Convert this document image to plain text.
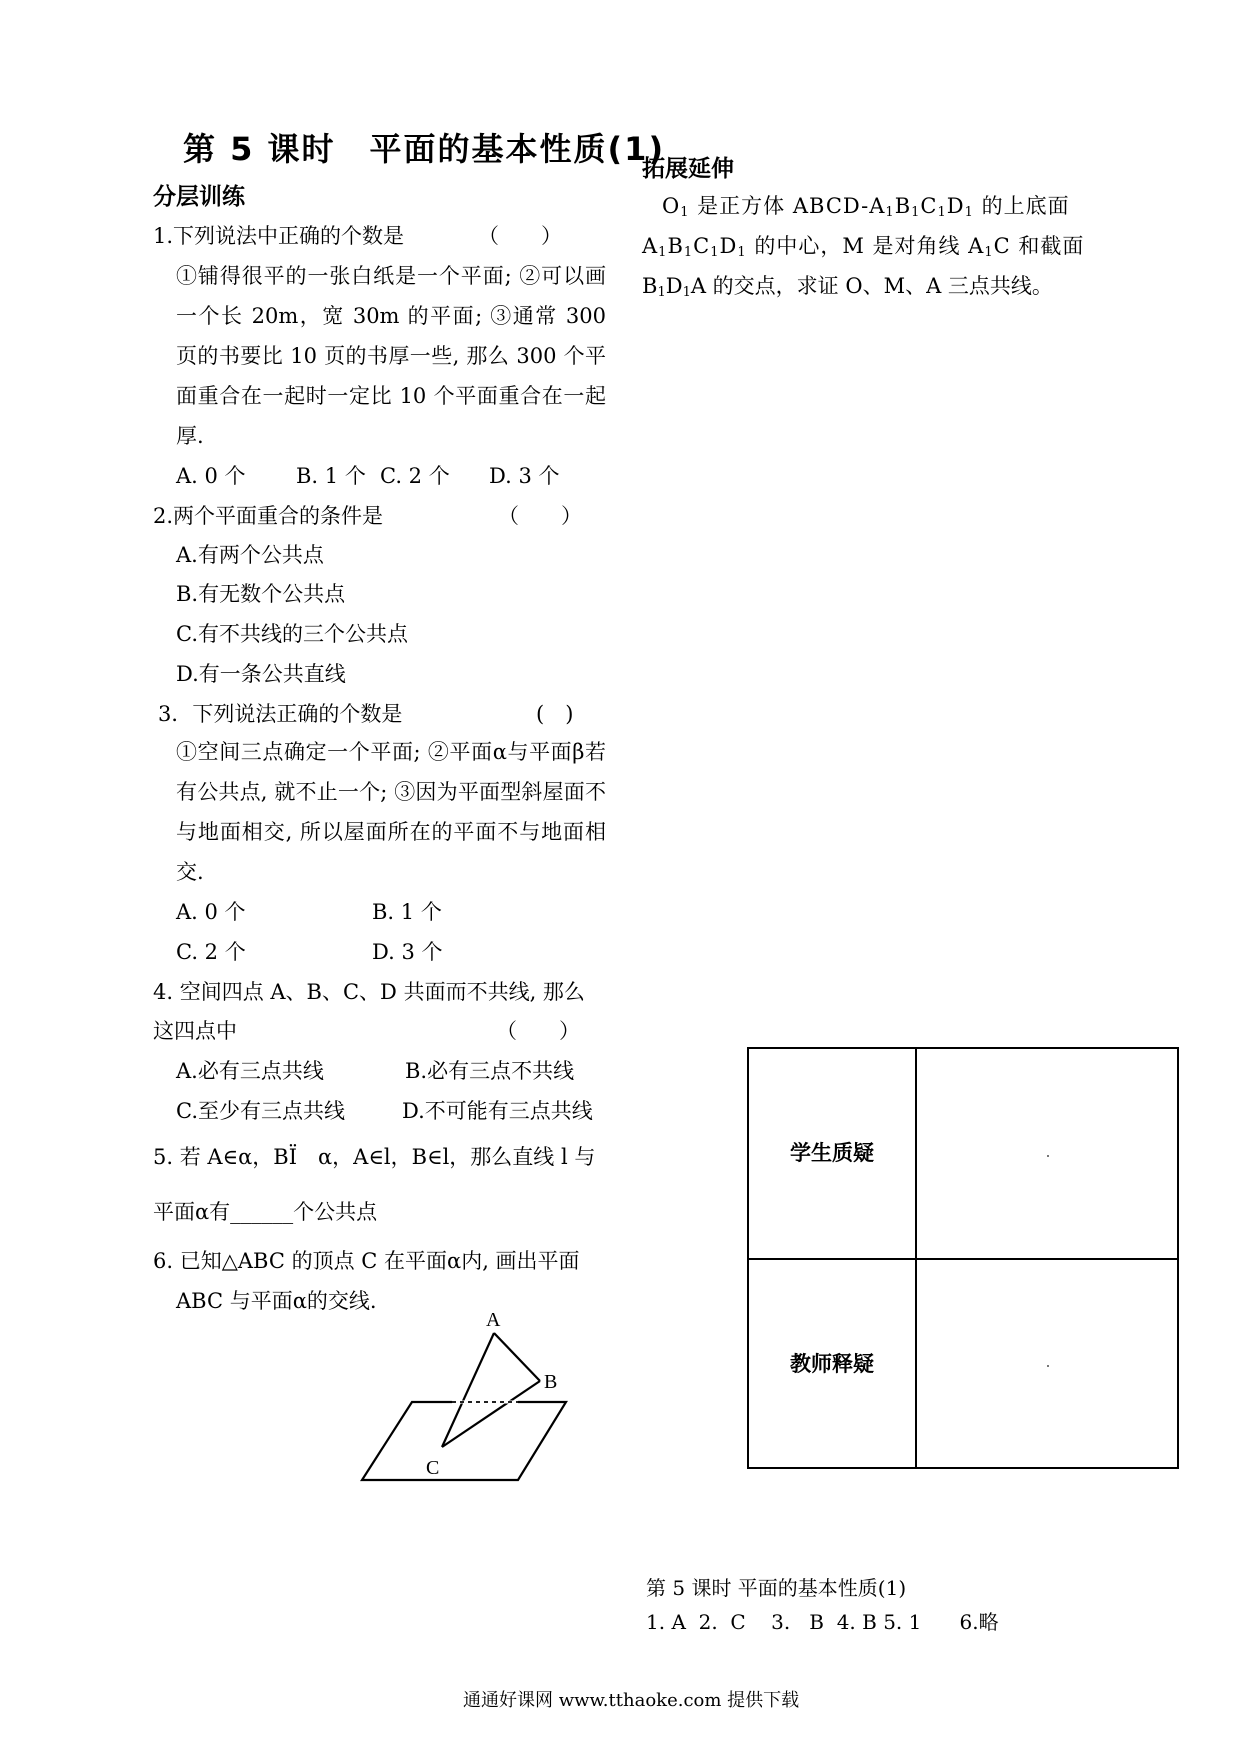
第 5 课时　平面的基本性质(1)
分层训练
1.下列说法中正确的个数是	（　　）
①铺得很平的一张白纸是一个平面; ②可以画一个长 20m，宽 30m 的平面; ③通常 300 页的书要比 10 页的书厚一些, 那么 300 个平面重合在一起时一定比 10 个平面重合在一起厚.
A. 0 个 B. 1 个 C. 2 个 D. 3 个
2.两个平面重合的条件是	（　　）
A.有两个公共点
B.有无数个公共点
C.有不共线的三个公共点
D.有一条公共直线
3．下列说法正确的个数是	(　)
①空间三点确定一个平面; ②平面α与平面β若有公共点, 就不止一个; ③因为平面型斜屋面不与地面相交, 所以屋面所在的平面不与地面相交.
A. 0 个	B. 1 个
C. 2 个	D. 3 个
4. 空间四点 A、B、C、D 共面而不共线, 那么
这四点中	（　　）
A.必有三点共线	B.必有三点不共线
C.至少有三点共线	D.不可能有三点共线
5. 若 A∈α，BÏ　α，A∈l，B∈l，那么直线 l 与
平面α有______个公共点
6. 已知△ABC 的顶点 C 在平面α内, 画出平面
ABC 与平面α的交线.
A
B
C
拓展延伸
$O_1$ 是正方体 ABCD-$A_1B_1C_1D_1$ 的上底面
$A_1B_1C_1D_1$ 的中心，M 是对角线 $A_1C$ 和截面
$B_1D_1A$ 的交点，求证 O、M、A 三点共线。
学生质疑
教师释疑
第 5 课时 平面的基本性质(1)
1. A  2.  C    3.   B  4. B 5. 1      6.略
通通好课网 www.tthaoke.com 提供下载
